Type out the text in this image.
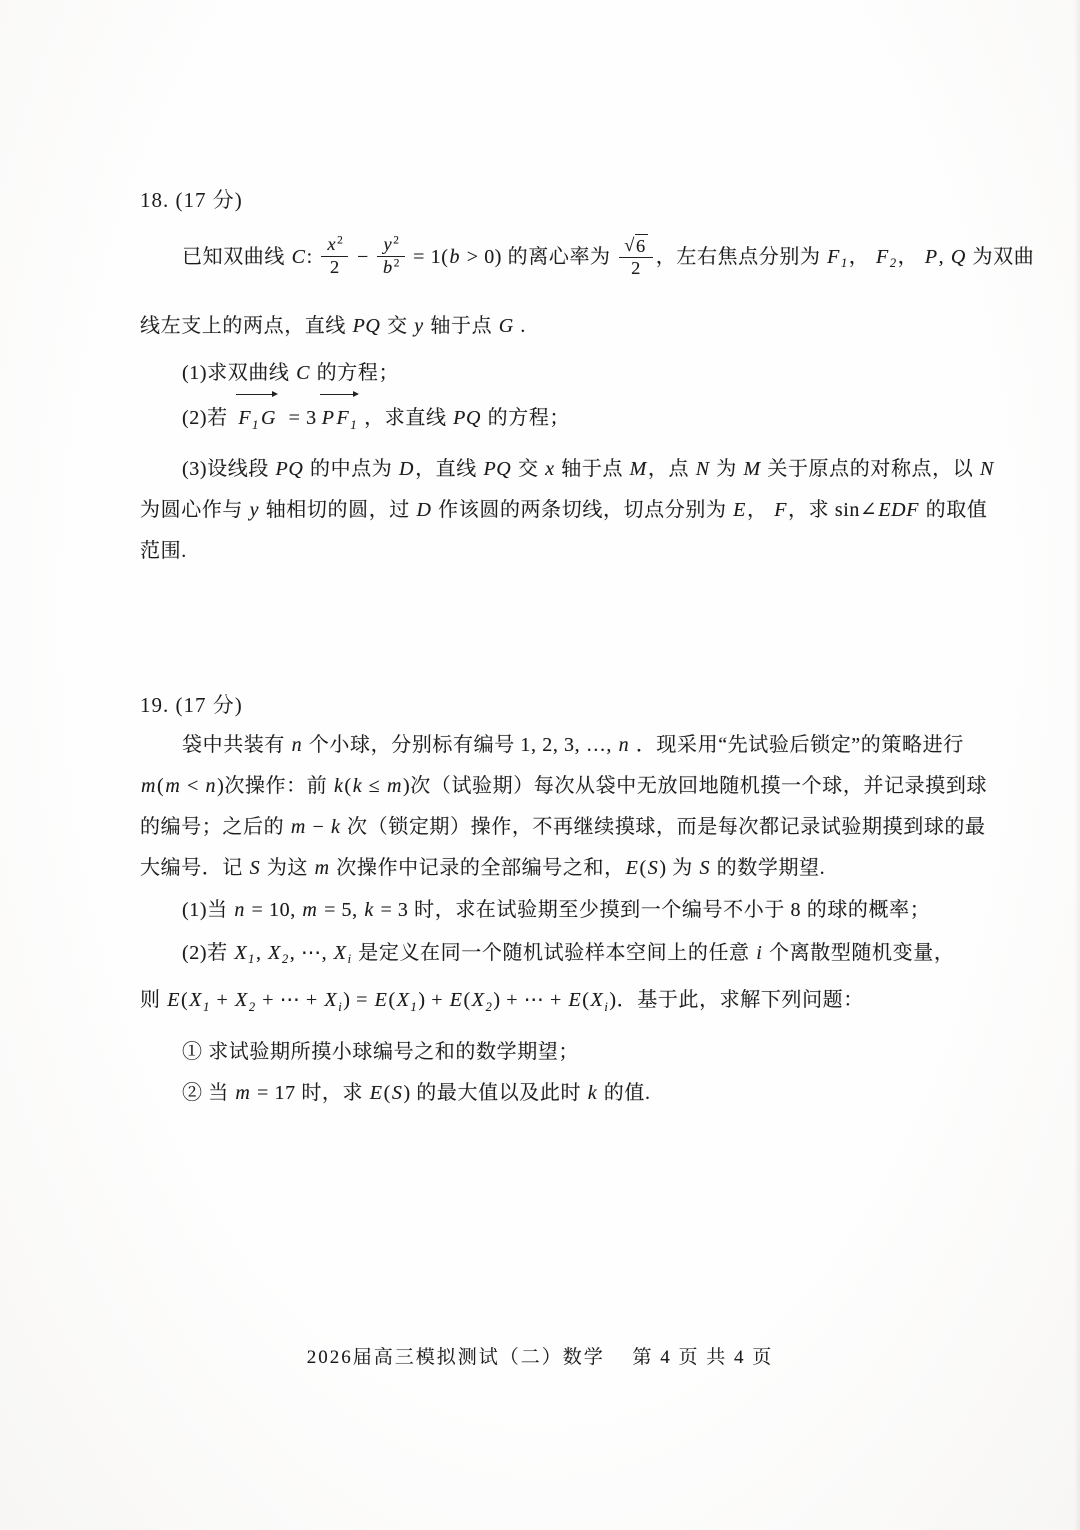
18. (17 分)
已知双曲线 C: $\frac{x^2}{2} - \frac{y^2}{b^2} = 1(b > 0)$ 的离心率为 $\frac{√ 6}{2}$ ，左右焦点分别为 $F_1$， $F_2$， P, Q 为双曲
线左支上的两点，直线 PQ 交 y 轴于点 G .
(1)求双曲线 C 的方程；
(2)若 $F_1$ G = 3 P $F_1$ ，求直线 PQ 的方程；
(3)设线段 PQ 的中点为 D，直线 PQ 交 x 轴于点 M，点 N 为 M 关于原点的对称点，以 N
为圆心作与 y 轴相切的圆，过 D 作该圆的两条切线，切点分别为 E， F，求 sin∠EDF 的取值
范围.
19. (17 分)
袋中共装有 n 个小球，分别标有编号 1, 2, 3, …, n ．现采用“先试验后锁定”的策略进行
m(m < n)次操作：前 k(k ≤ m)次（试验期）每次从袋中无放回地随机摸一个球，并记录摸到球
的编号；之后的 m − k 次（锁定期）操作，不再继续摸球，而是每次都记录试验期摸到球的最
大编号．记 S 为这 m 次操作中记录的全部编号之和，E(S) 为 S 的数学期望.
(1)当 n = 10, m = 5, k = 3 时，求在试验期至少摸到一个编号不小于 8 的球的概率；
(2)若 $X_1$, $X_2$, ⋯, $X_i$ 是定义在同一个随机试验样本空间上的任意 i 个离散型随机变量，
则 $E(X_1 + X_2$ + ⋯ + $X_i) = E(X_1) + E(X_2)$ + ⋯ + $E(X_i)$．基于此，求解下列问题：
① 求试验期所摸小球编号之和的数学期望；
② 当 m = 17 时，求 E(S) 的最大值以及此时 k 的值.
2026届高三模拟测试（二）数学　 第 4 页 共 4 页
